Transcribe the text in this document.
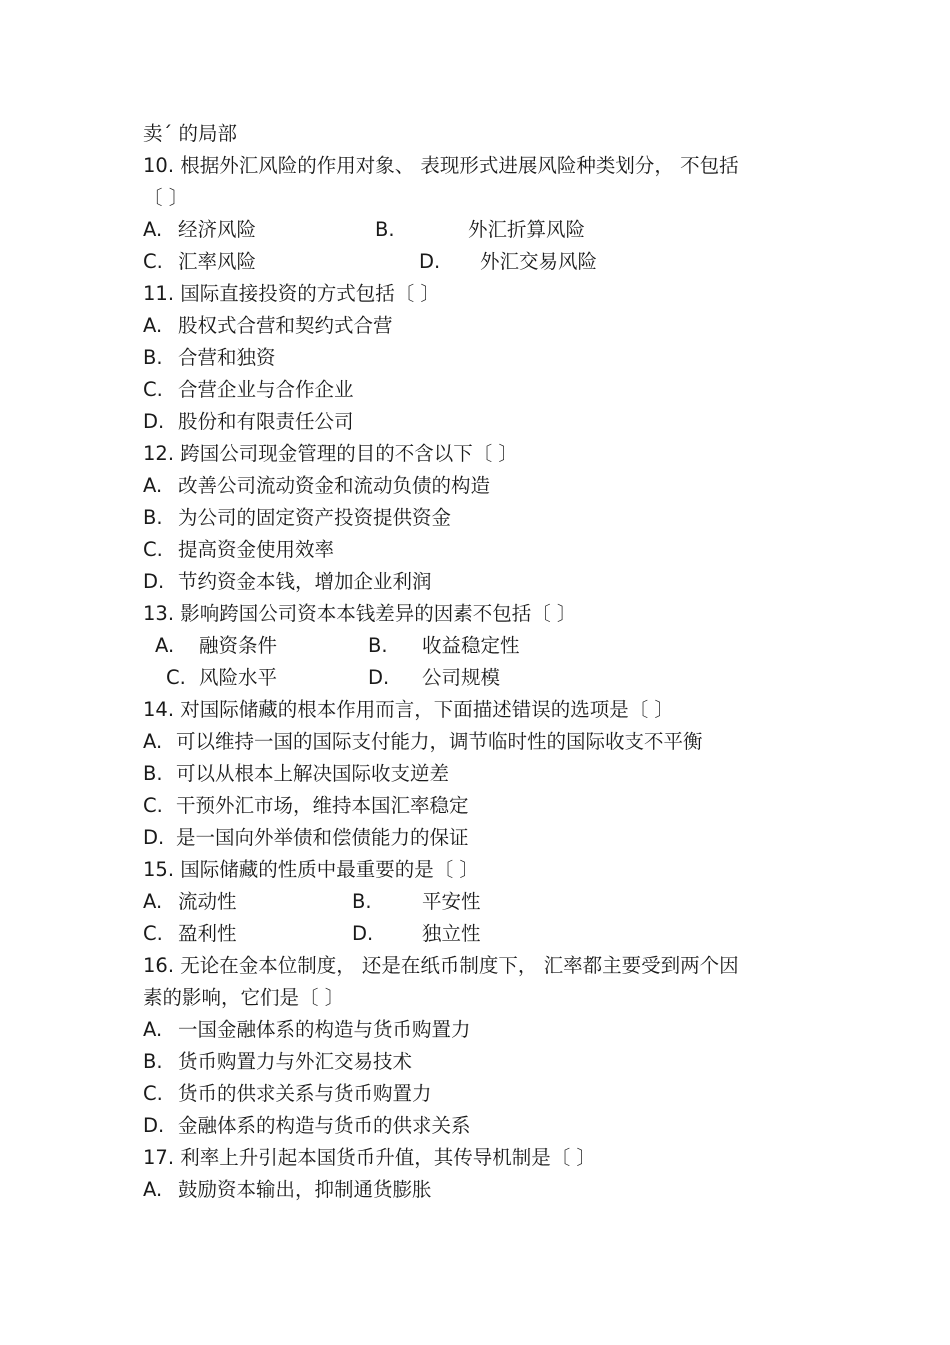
卖ˊ 的局部
10. 根据外汇风险的作用对象、 表现形式进展风险种类划分， 不包括
〔 〕
A. 经济风险	B.	外汇折算风险
C. 汇率风险	D. 外汇交易风险
11. 国际直接投资的方式包括〔 〕
A. 股权式合营和契约式合营
B. 合营和独资
C. 合营企业与合作企业
D. 股份和有限责任公司
12. 跨国公司现金管理的目的不含以下〔 〕
A. 改善公司流动资金和流动负债的构造
B. 为公司的固定资产投资提供资金
C. 提高资金使用效率
D. 节约资金本钱，增加企业利润
13. 影响跨国公司资本本钱差异的因素不包括〔 〕
A. 融资条件	B. 收益稳定性
C. 风险水平	D. 公司规模
14. 对国际储藏的根本作用而言，下面描述错误的选项是〔 〕
A. 可以维持一国的国际支付能力，调节临时性的国际收支不平衡
B. 可以从根本上解决国际收支逆差
C. 干预外汇市场，维持本国汇率稳定
D. 是一国向外举债和偿债能力的保证
15. 国际储藏的性质中最重要的是〔 〕
A. 流动性	B.	平安性
C. 盈利性	D.	独立性
16. 无论在金本位制度， 还是在纸币制度下， 汇率都主要受到两个因
素的影响，它们是〔 〕
A. 一国金融体系的构造与货币购置力
B. 货币购置力与外汇交易技术
C. 货币的供求关系与货币购置力
D. 金融体系的构造与货币的供求关系
17. 利率上升引起本国货币升值，其传导机制是〔 〕
A. 鼓励资本输出，抑制通货膨胀
